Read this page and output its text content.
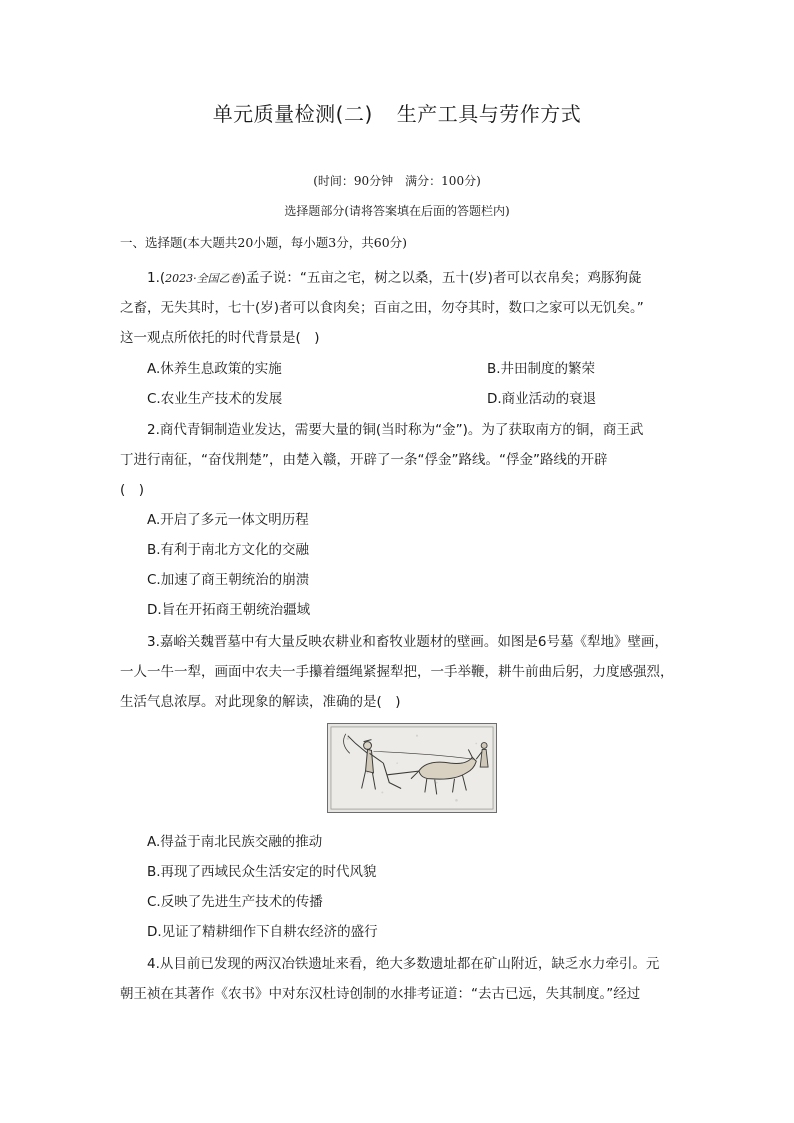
单元质量检测(二) 生产工具与劳作方式
(时间：90分钟　满分：100分)
选择题部分(请将答案填在后面的答题栏内)
一、选择题(本大题共20小题，每小题3分，共60分)
1.(2023·全国乙卷)孟子说：“五亩之宅，树之以桑，五十(岁)者可以衣帛矣；鸡豚狗彘
之畜，无失其时，七十(岁)者可以食肉矣；百亩之田，勿夺其时，数口之家可以无饥矣。”
这一观点所依托的时代背景是(　)
A.休养生息政策的实施	B.井田制度的繁荣
C.农业生产技术的发展	D.商业活动的衰退
2.商代青铜制造业发达，需要大量的铜(当时称为“金”)。为了获取南方的铜，商王武
丁进行南征，“奋伐荆楚”，由楚入赣，开辟了一条“俘金”路线。“俘金”路线的开辟
(　)
A.开启了多元一体文明历程
B.有利于南北方文化的交融
C.加速了商王朝统治的崩溃
D.旨在开拓商王朝统治疆域
3.嘉峪关魏晋墓中有大量反映农耕业和畜牧业题材的壁画。如图是6号墓《犁地》壁画，
一人一牛一犁，画面中农夫一手攥着缰绳紧握犁把，一手举鞭，耕牛前曲后躬，力度感强烈，
生活气息浓厚。对此现象的解读，准确的是(　)
A.得益于南北民族交融的推动
B.再现了西域民众生活安定的时代风貌
C.反映了先进生产技术的传播
D.见证了精耕细作下自耕农经济的盛行
4.从目前已发现的两汉冶铁遗址来看，绝大多数遗址都在矿山附近，缺乏水力牵引。元
朝王祯在其著作《农书》中对东汉杜诗创制的水排考证道：“去古已远，失其制度。”经过
